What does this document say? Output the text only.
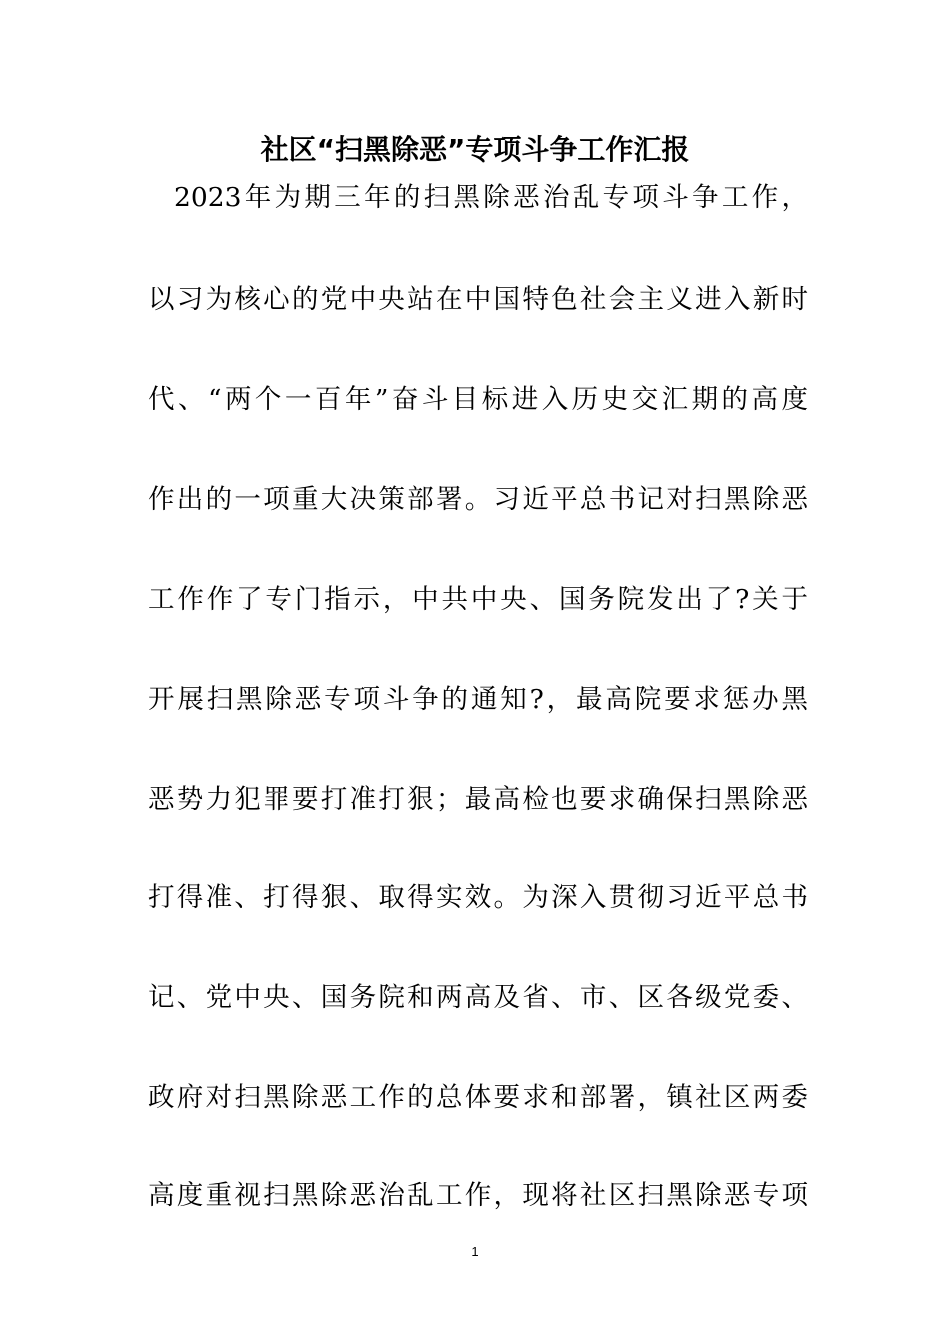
社区“扫黑除恶”专项斗争工作汇报
2023年为期三年的扫黑除恶治乱专项斗争工作，
以习为核心的党中央站在中国特色社会主义进入新时
代、“两个一百年”奋斗目标进入历史交汇期的高度
作出的一项重大决策部署。习近平总书记对扫黑除恶
工作作了专门指示，中共中央、国务院发出了?关于
开展扫黑除恶专项斗争的通知?，最高院要求惩办黑
恶势力犯罪要打准打狠；最高检也要求确保扫黑除恶
打得准、打得狠、取得实效。为深入贯彻习近平总书
记、党中央、国务院和两高及省、市、区各级党委、
政府对扫黑除恶工作的总体要求和部署，镇社区两委
高度重视扫黑除恶治乱工作，现将社区扫黑除恶专项
1
